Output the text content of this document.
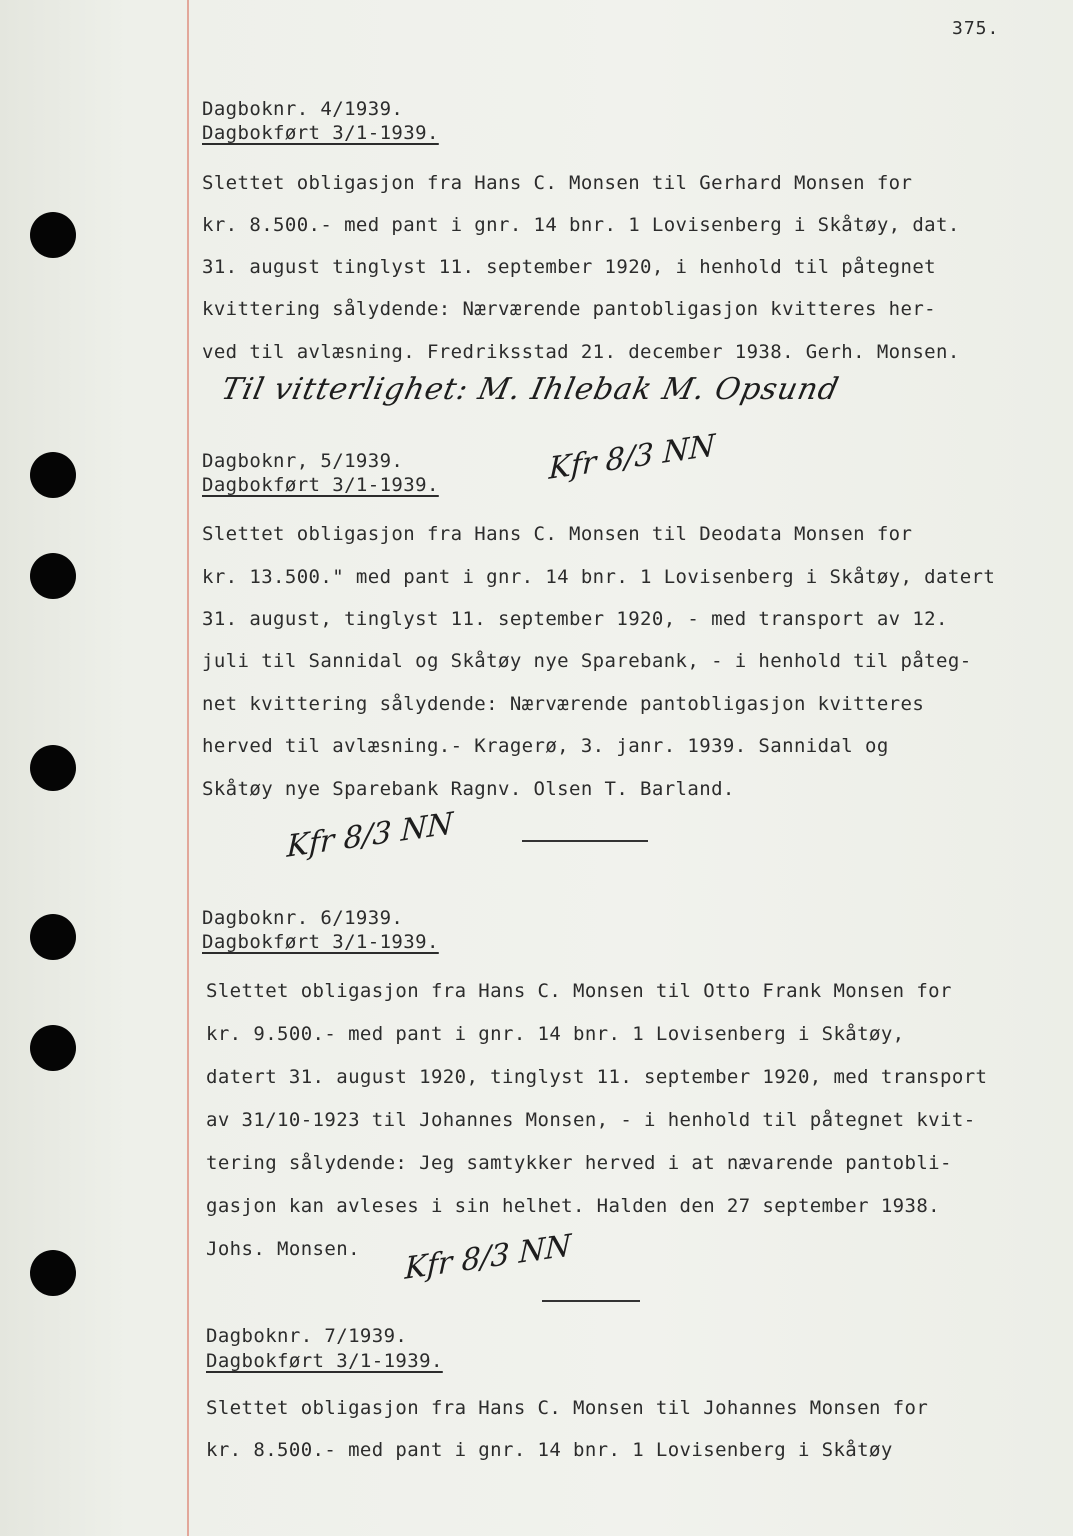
375.
Dagboknr. 4/1939.
Dagbokført 3/1-1939.
Slettet obligasjon fra Hans C. Monsen til Gerhard Monsen for
kr. 8.500.- med pant i gnr. 14 bnr. 1 Lovisenberg i Skåtøy, dat.
31. august tinglyst 11. september 1920, i henhold til påtegnet
kvittering sålydende: Nærværende pantobligasjon kvitteres her-
ved til avlæsning. Fredriksstad 21. december 1938. Gerh. Monsen.
Til vitterlighet: M. Ihlebak M. Opsund
Dagboknr, 5/1939.
Dagbokført 3/1-1939.	Kfr 8/3 NN
Slettet obligasjon fra Hans C. Monsen til Deodata Monsen for
kr. 13.500." med pant i gnr. 14 bnr. 1 Lovisenberg i Skåtøy, datert
31. august, tinglyst 11. september 1920, - med transport av 12.
juli til Sannidal og Skåtøy nye Sparebank, - i henhold til påteg-
net kvittering sålydende: Nærværende pantobligasjon kvitteres
herved til avlæsning.- Kragerø, 3. janr. 1939. Sannidal og
Skåtøy nye Sparebank Ragnv. Olsen T. Barland.
Kfr 8/3 NN
Dagboknr. 6/1939.
Dagbokført 3/1-1939.
Slettet obligasjon fra Hans C. Monsen til Otto Frank Monsen for
kr. 9.500.- med pant i gnr. 14 bnr. 1 Lovisenberg i Skåtøy,
datert 31. august 1920, tinglyst 11. september 1920, med transport
av 31/10-1923 til Johannes Monsen, - i henhold til påtegnet kvit-
tering sålydende: Jeg samtykker herved i at nævarende pantobli-
gasjon kan avleses i sin helhet. Halden den 27 september 1938.
Johs. Monsen. Kfr 8/3 NN
Dagboknr. 7/1939.
Dagbokført 3/1-1939.
Slettet obligasjon fra Hans C. Monsen til Johannes Monsen for
kr. 8.500.- med pant i gnr. 14 bnr. 1 Lovisenberg i Skåtøy
